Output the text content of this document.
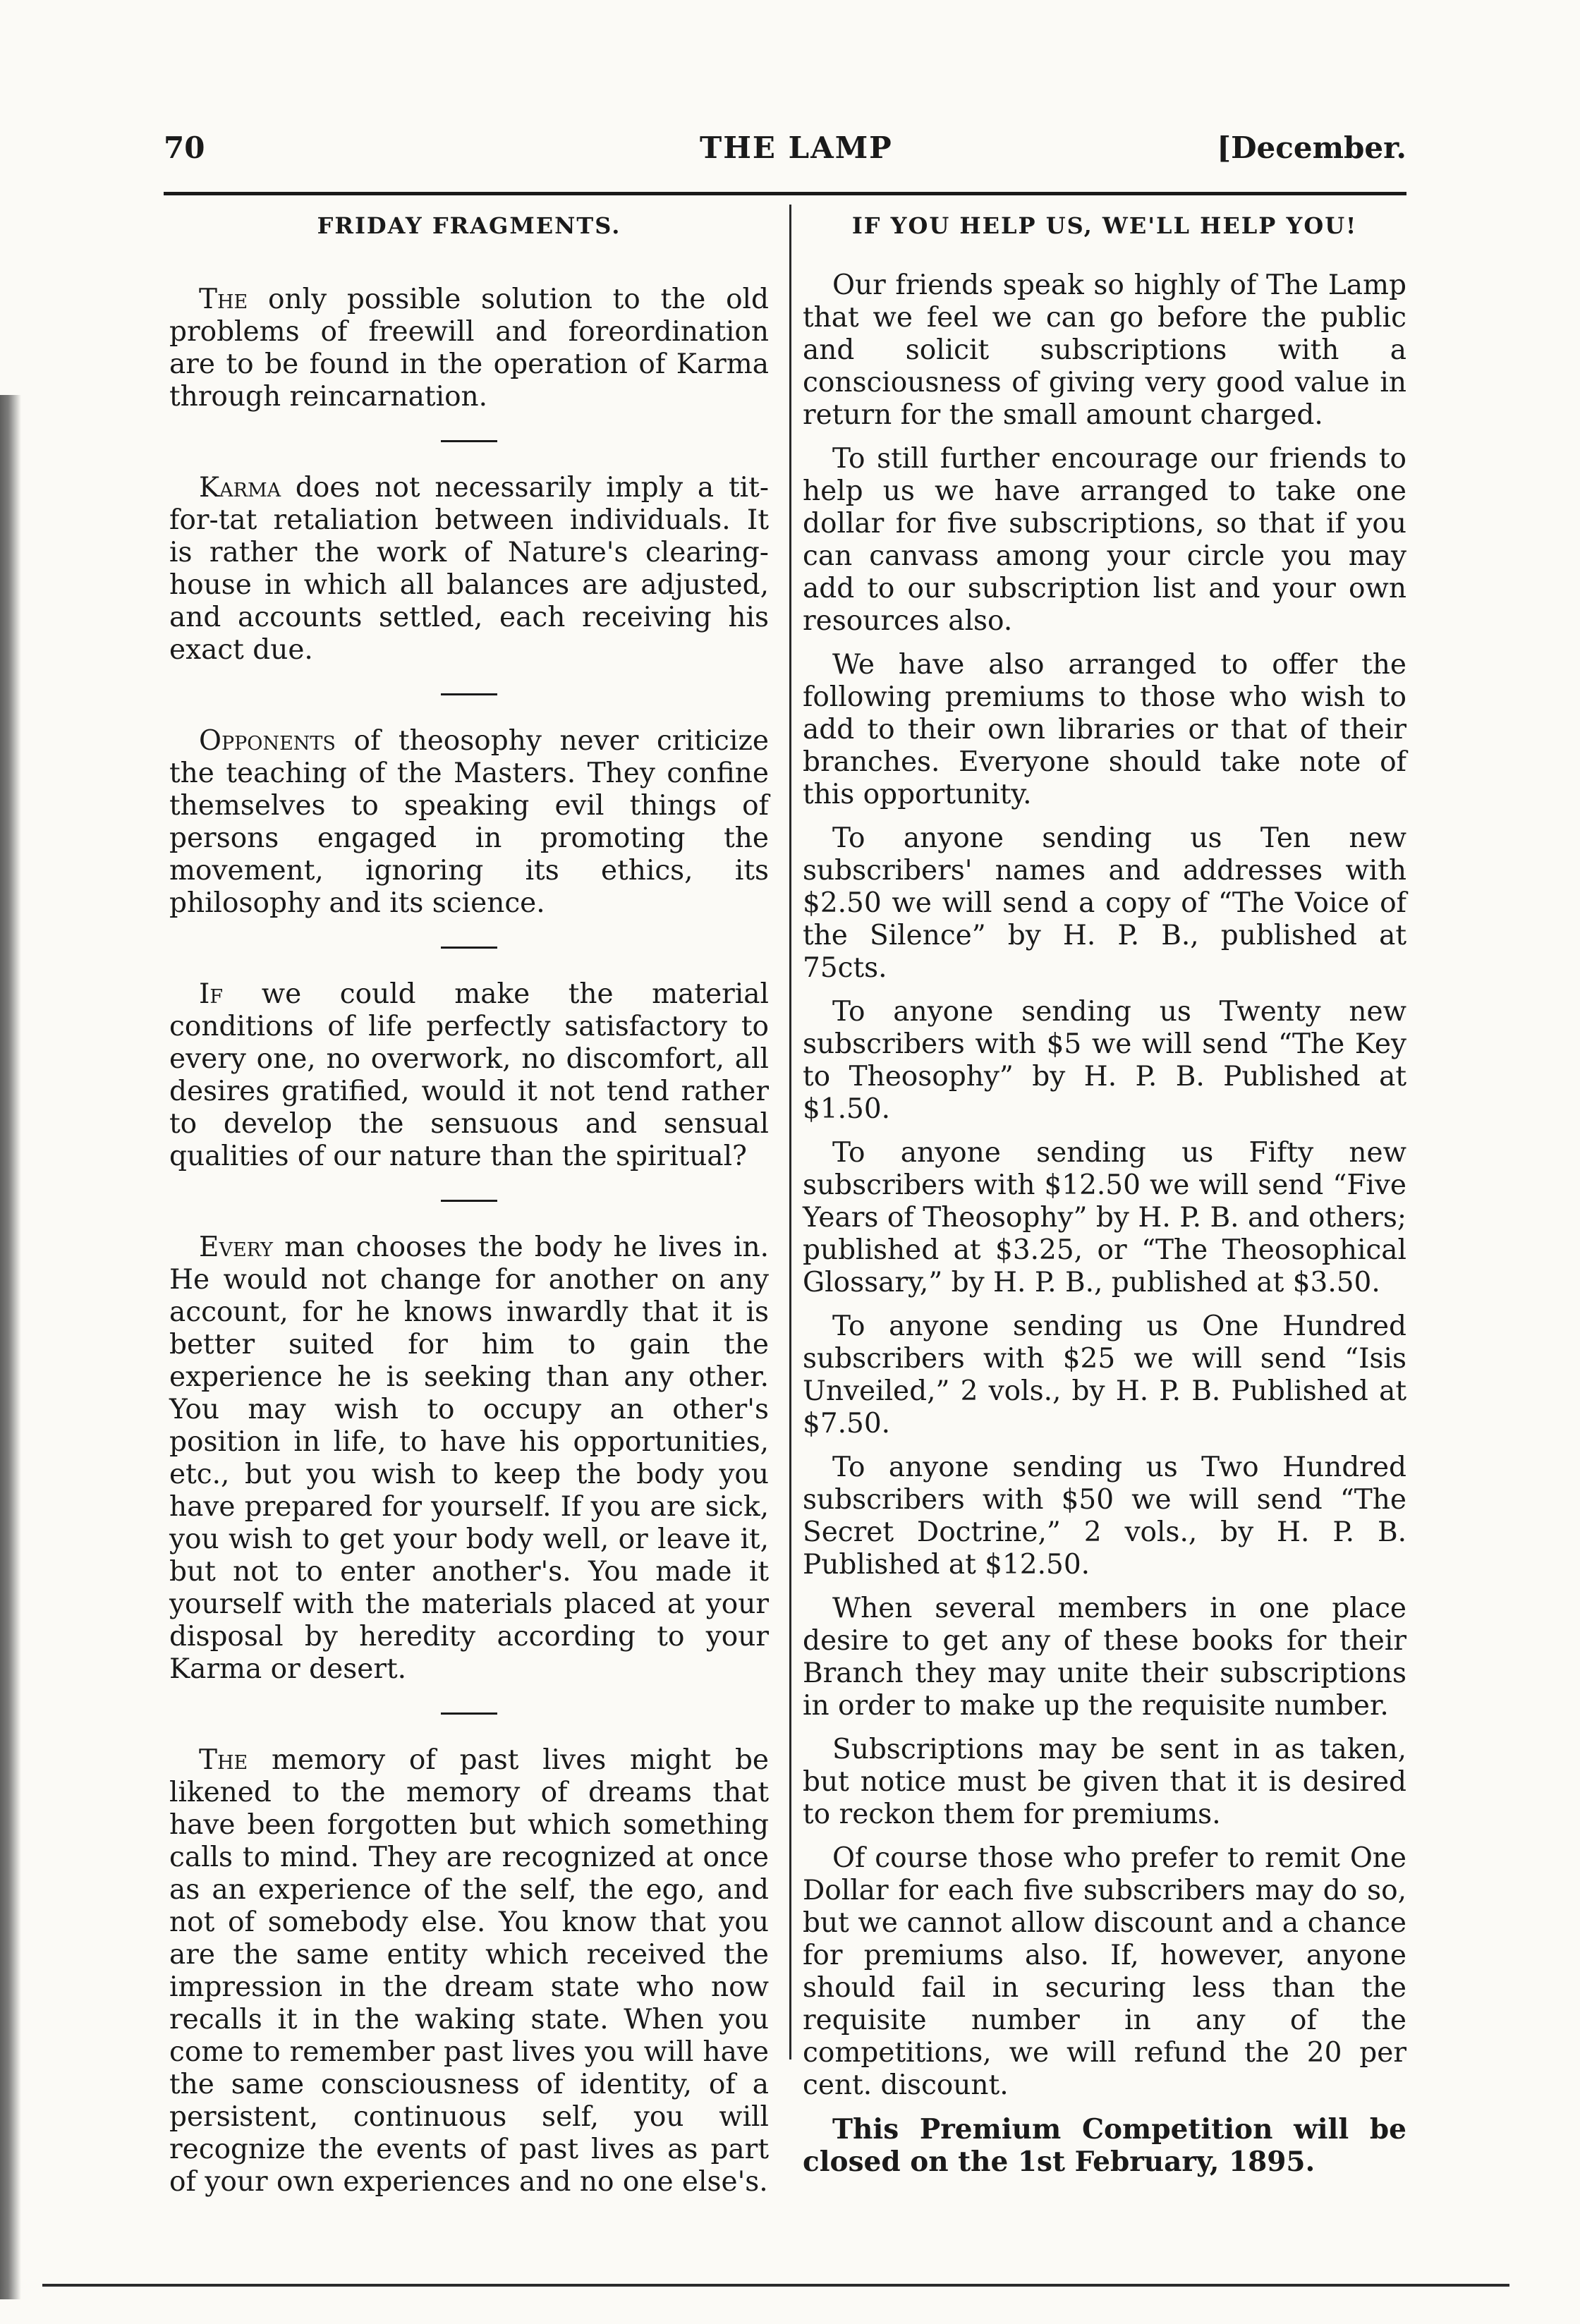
70	THE LAMP	[December.
FRIDAY FRAGMENTS.

The only possible solution to the old problems of freewill and foreordination are to be found in the operation of Karma through reincarnation.

Karma does not necessarily imply a tit-for-tat retaliation between individuals. It is rather the work of Nature's clearing-house in which all balances are adjusted, and accounts settled, each receiving his exact due.

Opponents of theosophy never criticize the teaching of the Masters. They confine themselves to speaking evil things of persons engaged in promoting the movement, ignoring its ethics, its philosophy and its science.

If we could make the material conditions of life perfectly satisfactory to every one, no overwork, no discomfort, all desires gratified, would it not tend rather to develop the sensuous and sensual qualities of our nature than the spiritual?

Every man chooses the body he lives in. He would not change for another on any account, for he knows inwardly that it is better suited for him to gain the experience he is seeking than any other. You may wish to occupy an other's position in life, to have his opportunities, etc., but you wish to keep the body you have prepared for yourself. If you are sick, you wish to get your body well, or leave it, but not to enter another's. You made it yourself with the materials placed at your disposal by heredity according to your Karma or desert.

The memory of past lives might be likened to the memory of dreams that have been forgotten but which something calls to mind. They are recognized at once as an experience of the self, the ego, and not of somebody else. You know that you are the same entity which received the impression in the dream state who now recalls it in the waking state. When you come to remember past lives you will have the same consciousness of identity, of a persistent, continuous self, you will recognize the events of past lives as part of your own experiences and no one else's.

IF YOU HELP US, WE'LL HELP YOU!

Our friends speak so highly of The Lamp that we feel we can go before the public and solicit subscriptions with a consciousness of giving very good value in return for the small amount charged.

To still further encourage our friends to help us we have arranged to take one dollar for five subscriptions, so that if you can canvass among your circle you may add to our subscription list and your own resources also.

We have also arranged to offer the following premiums to those who wish to add to their own libraries or that of their branches. Everyone should take note of this opportunity.

To anyone sending us Ten new subscribers' names and addresses with $2.50 we will send a copy of “The Voice of the Silence” by H. P. B., published at 75cts.

To anyone sending us Twenty new subscribers with $5 we will send “The Key to Theosophy” by H. P. B. Published at $1.50.

To anyone sending us Fifty new subscribers with $12.50 we will send “Five Years of Theosophy” by H. P. B. and others; published at $3.25, or “The Theosophical Glossary,” by H. P. B., published at $3.50.

To anyone sending us One Hundred subscribers with $25 we will send “Isis Unveiled,” 2 vols., by H. P. B. Published at $7.50.

To anyone sending us Two Hundred subscribers with $50 we will send “The Secret Doctrine,” 2 vols., by H. P. B. Published at $12.50.

When several members in one place desire to get any of these books for their Branch they may unite their subscriptions in order to make up the requisite number.

Subscriptions may be sent in as taken, but notice must be given that it is desired to reckon them for premiums.

Of course those who prefer to remit One Dollar for each five subscribers may do so, but we cannot allow discount and a chance for premiums also. If, however, anyone should fail in securing less than the requisite number in any of the competitions, we will refund the 20 per cent. discount.

This Premium Competition will be closed on the 1st February, 1895.
